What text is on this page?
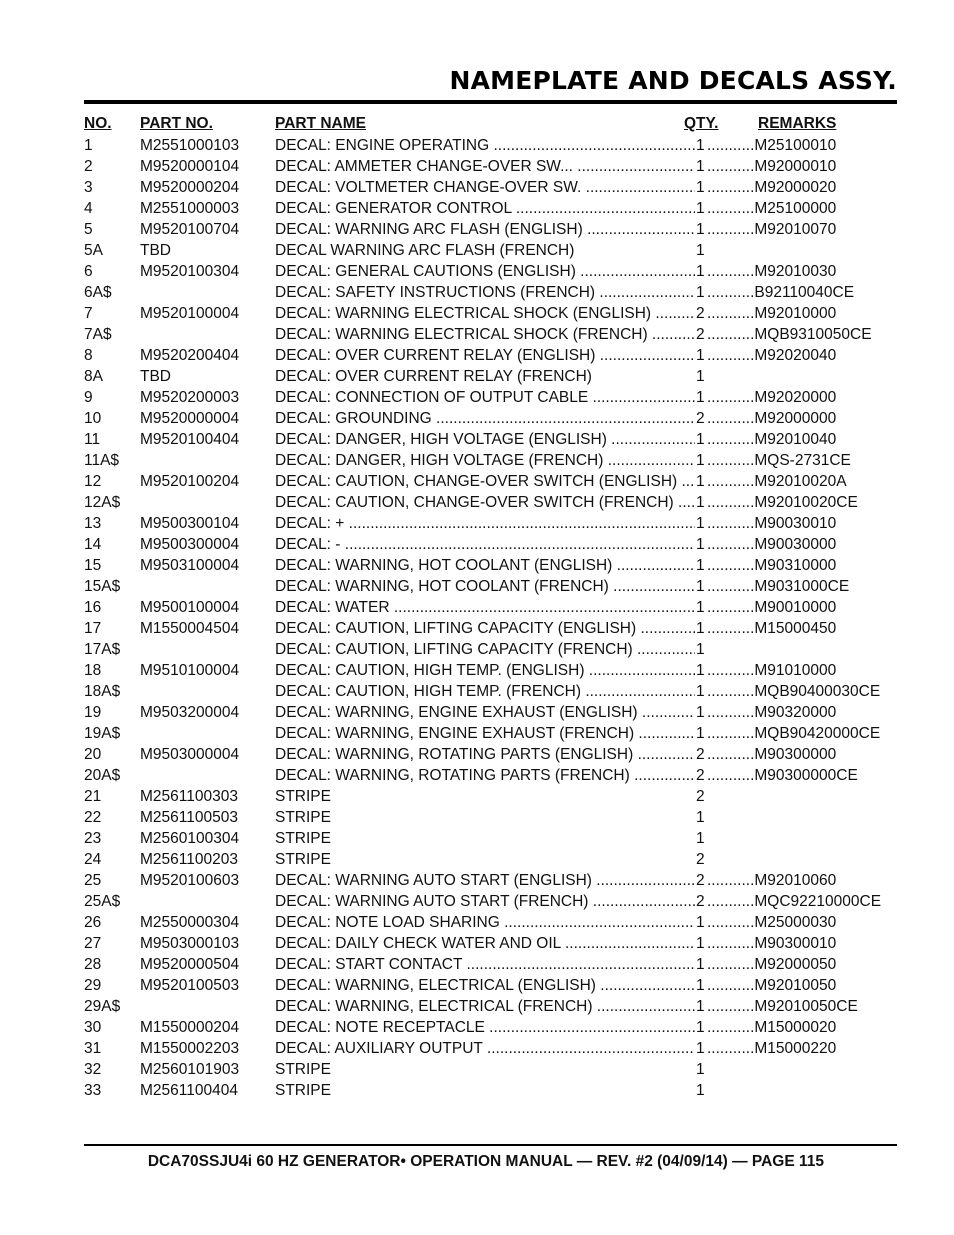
NAMEPLATE AND DECALS ASSY.
NO. PART NO.	PART NAME	QTY.	REMARKS
1	M2551000103 DECAL: ENGINE OPERATING .....	1	..... M25100010
2	M9520000104 DECAL: AMMETER CHANGE-OVER SW... .....	1	..... M92000010
3	M9520000204 DECAL: VOLTMETER CHANGE-OVER SW. .....	1	..... M92000020
4	M2551000003 DECAL: GENERATOR CONTROL .....	1	..... M25100000
5	M9520100704 DECAL: WARNING ARC FLASH (ENGLISH) .....	1	..... M92010070
5A TBD	DECAL WARNING ARC FLASH (FRENCH)	1
6	M9520100304 DECAL: GENERAL CAUTIONS (ENGLISH) .....	1	..... M92010030
6A$	DECAL: SAFETY INSTRUCTIONS (FRENCH) .....	1	..... B92110040CE
7	M9520100004 DECAL: WARNING ELECTRICAL SHOCK (ENGLISH) .....	2	..... M92010000
7A$	DECAL: WARNING ELECTRICAL SHOCK (FRENCH) .....	2	..... MQB9310050CE
8	M9520200404 DECAL: OVER CURRENT RELAY (ENGLISH) .....	1	..... M92020040
8A TBD	DECAL: OVER CURRENT RELAY (FRENCH)	1
9	M9520200003 DECAL: CONNECTION OF OUTPUT CABLE .....	1	..... M92020000
10	M9520000004 DECAL: GROUNDING .....	2	..... M92000000
11	M9520100404 DECAL: DANGER, HIGH VOLTAGE (ENGLISH) .....	1	..... M92010040
11A$	DECAL: DANGER, HIGH VOLTAGE (FRENCH) .....	1	..... MQS-2731CE
12	M9520100204 DECAL: CAUTION, CHANGE-OVER SWITCH (ENGLISH) .....	1	..... M92010020A
12A$	DECAL: CAUTION, CHANGE-OVER SWITCH (FRENCH) .....	1	..... M92010020CE
13	M9500300104 DECAL: + .....	1	..... M90030010
14	M9500300004 DECAL: - .....	1	..... M90030000
15	M9503100004 DECAL: WARNING, HOT COOLANT (ENGLISH) .....	1	..... M90310000
15A$	DECAL: WARNING, HOT COOLANT (FRENCH) .....	1	..... M9031000CE
16	M9500100004 DECAL: WATER .....	1	..... M90010000
17	M1550004504 DECAL: CAUTION, LIFTING CAPACITY (ENGLISH) .....	1	..... M15000450
17A$	DECAL: CAUTION, LIFTING CAPACITY (FRENCH) .....	1
18	M9510100004 DECAL: CAUTION, HIGH TEMP. (ENGLISH) .....	1	..... M91010000
18A$	DECAL: CAUTION, HIGH TEMP. (FRENCH) .....	1	..... MQB90400030CE
19	M9503200004 DECAL: WARNING, ENGINE EXHAUST (ENGLISH) .....	1	..... M90320000
19A$	DECAL: WARNING, ENGINE EXHAUST (FRENCH) .....	1	..... MQB90420000CE
20	M9503000004 DECAL: WARNING, ROTATING PARTS (ENGLISH) .....	2	..... M90300000
20A$	DECAL: WARNING, ROTATING PARTS (FRENCH) .....	2	..... M90300000CE
21	M2561100303 STRIPE	2
22	M2561100503 STRIPE	1
23	M2560100304 STRIPE	1
24	M2561100203 STRIPE	2
25	M9520100603 DECAL: WARNING AUTO START (ENGLISH) .....	2	..... M92010060
25A$	DECAL: WARNING AUTO START (FRENCH) .....	2	..... MQC92210000CE
26	M2550000304 DECAL: NOTE LOAD SHARING .....	1	..... M25000030
27	M9503000103 DECAL: DAILY CHECK WATER AND OIL .....	1	..... M90300010
28	M9520000504 DECAL: START CONTACT .....	1	..... M92000050
29	M9520100503 DECAL: WARNING, ELECTRICAL (ENGLISH) .....	1	..... M92010050
29A$	DECAL: WARNING, ELECTRICAL (FRENCH) .....	1	..... M92010050CE
30	M1550000204 DECAL: NOTE RECEPTACLE .....	1	..... M15000020
31	M1550002203 DECAL: AUXILIARY OUTPUT .....	1	..... M15000220
32	M2560101903 STRIPE	1
33	M2561100404 STRIPE	1

DCA70SSJU4i 60 HZ GENERATOR• OPERATION MANUAL — REV. #2 (04/09/14) — PAGE 115
